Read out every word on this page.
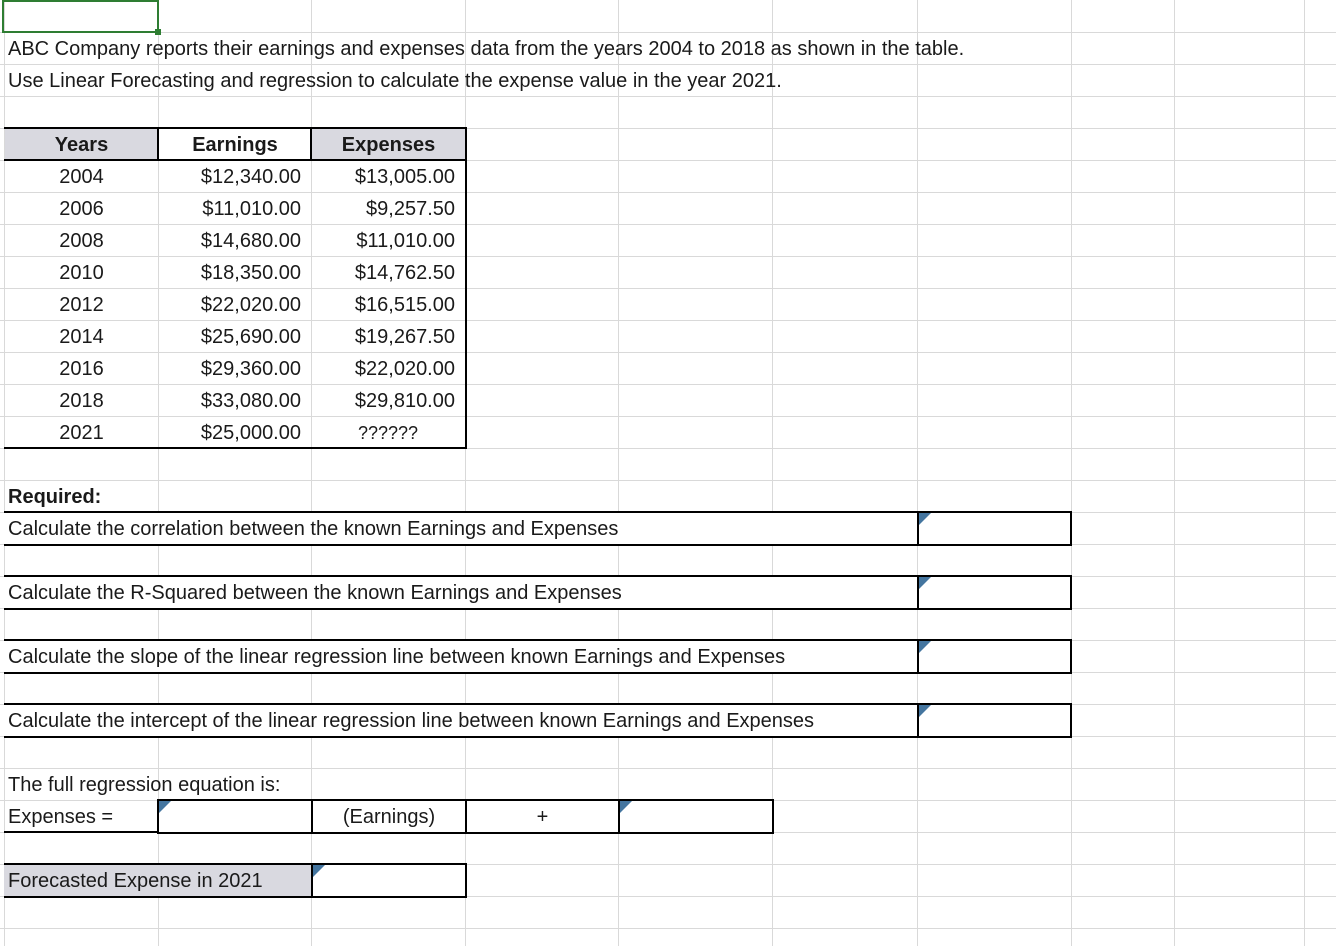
ABC Company reports their earnings and expenses data from the years 2004 to 2018 as shown in the table.
Use Linear Forecasting and regression to calculate the expense value in the year 2021.
Years	Earnings	Expenses
2004	$12,340.00	$13,005.00
2006	$11,010.00	$9,257.50
2008	$14,680.00	$11,010.00
2010	$18,350.00	$14,762.50
2012	$22,020.00	$16,515.00
2014	$25,690.00	$19,267.50
2016	$29,360.00	$22,020.00
2018	$33,080.00	$29,810.00
2021	$25,000.00	??????
Required:
Calculate the correlation between the known Earnings and Expenses
Calculate the R-Squared between the known Earnings and Expenses
Calculate the slope of the linear regression line between known Earnings and Expenses
Calculate the intercept of the linear regression line between known Earnings and Expenses
The full regression equation is:
Expenses =	(Earnings)	+
Forecasted Expense in 2021
